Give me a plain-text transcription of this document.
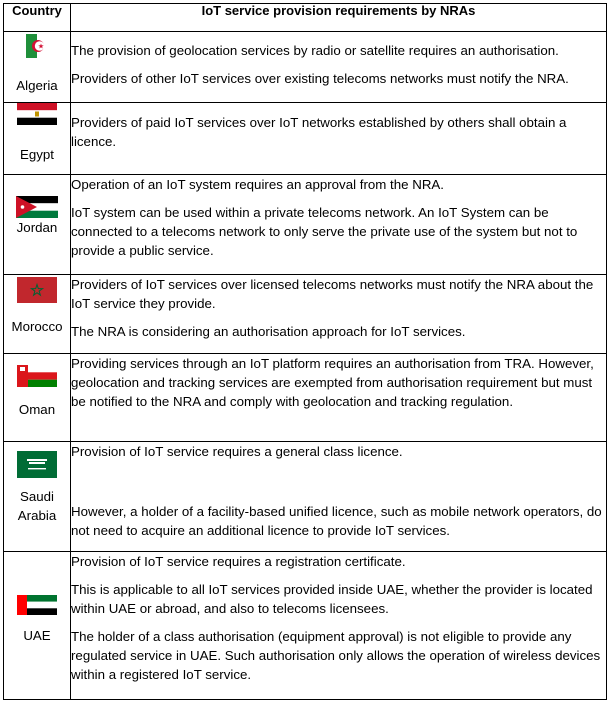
Country	IoT service provision requirements by NRAs

Algeria	The provision of geolocation services by radio or satellite requires an authorisation.

Providers of other IoT services over existing telecoms networks must notify the NRA.

Egypt	Providers of paid IoT services over IoT networks established by others shall obtain a licence.

Jordan	Operation of an IoT system requires an approval from the NRA.

IoT system can be used within a private telecoms network. An IoT System can be connected to a telecoms network to only serve the private use of the system but not to provide a public service.

Morocco	Providers of IoT services over licensed telecoms networks must notify the NRA about the IoT service they provide.

The NRA is considering an authorisation approach for IoT services.

Oman	Providing services through an IoT platform requires an authorisation from TRA. However, geolocation and tracking services are exempted from authorisation requirement but must be notified to the NRA and comply with geolocation and tracking regulation.

Saudi Arabia	Provision of IoT service requires a general class licence.

However, a holder of a facility-based unified licence, such as mobile network operators, do not need to acquire an additional licence to provide IoT services.

UAE	Provision of IoT service requires a registration certificate.

This is applicable to all IoT services provided inside UAE, whether the provider is located within UAE or abroad, and also to telecoms licensees.

The holder of a class authorisation (equipment approval) is not eligible to provide any regulated service in UAE. Such authorisation only allows the operation of wireless devices within a registered IoT service.
